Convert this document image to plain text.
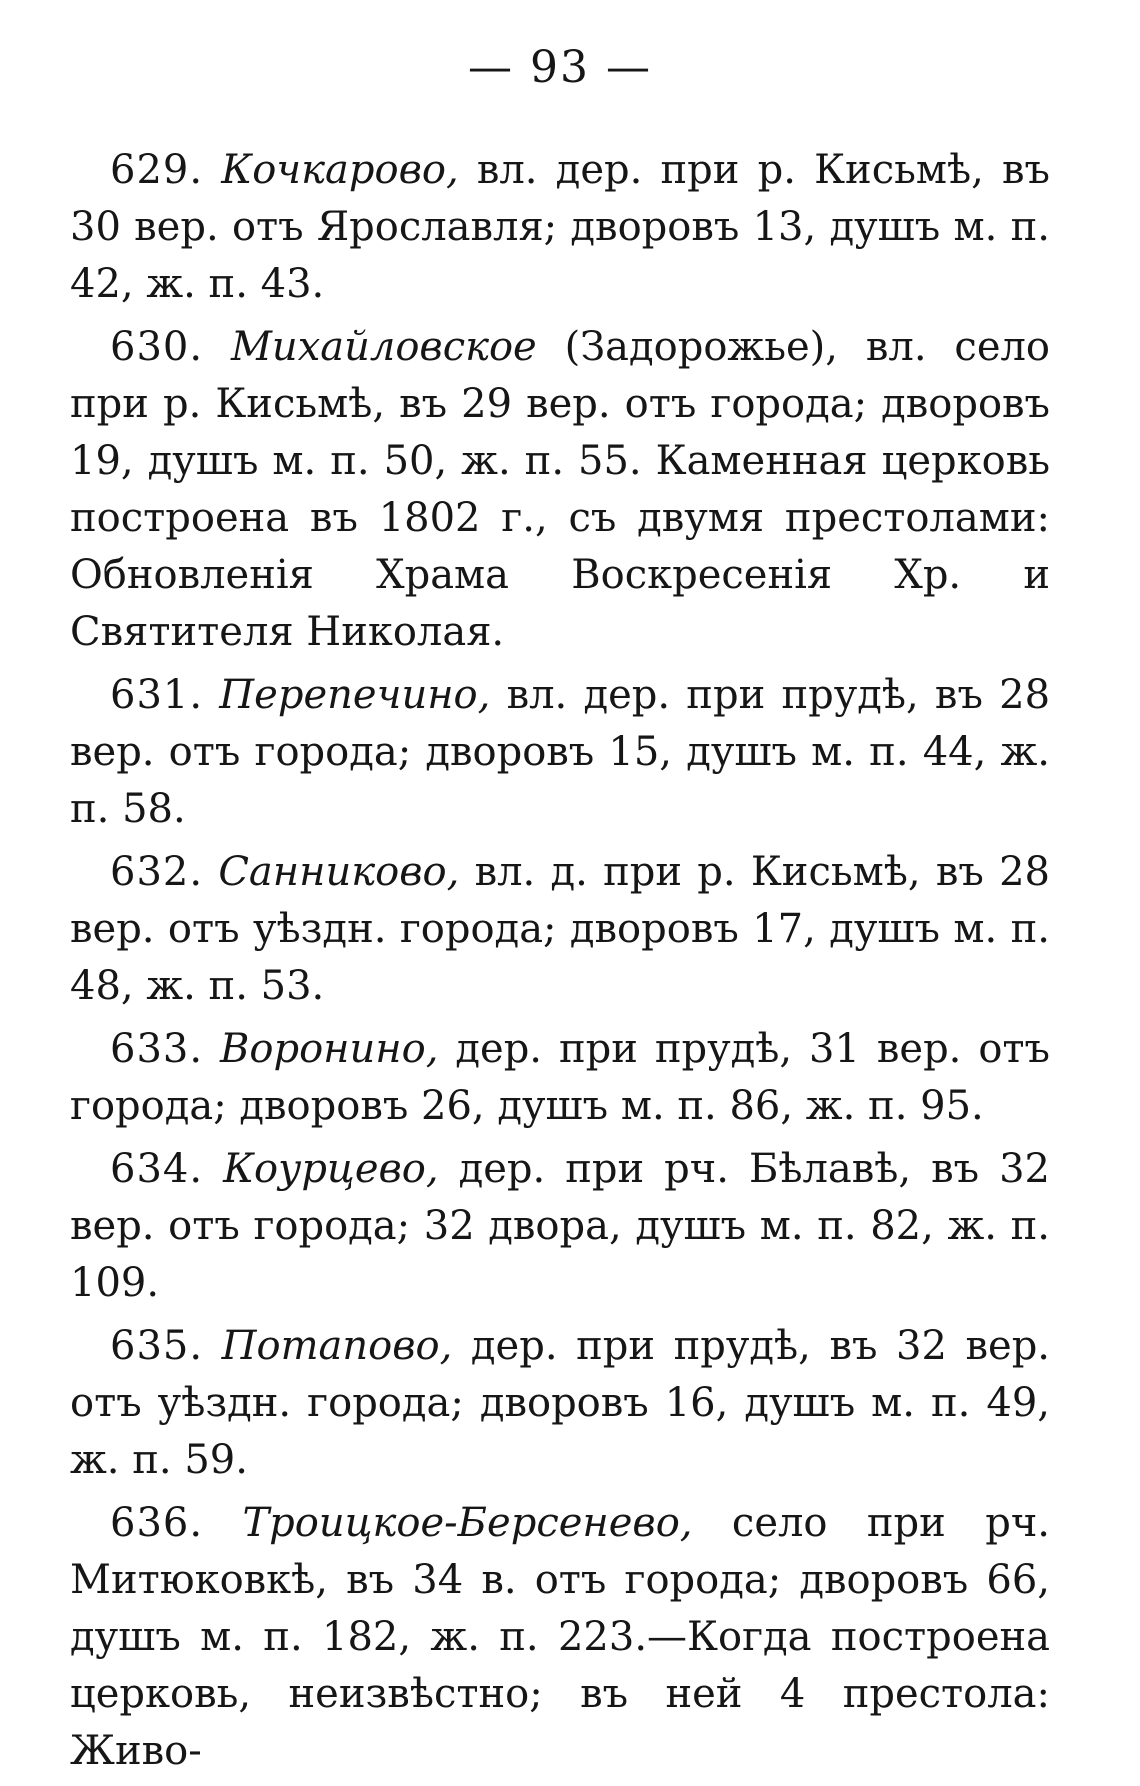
— 93 —

629. Кочкарово, вл. дер. при р. Кисьмѣ, въ 30 вер. отъ Ярославля; дворовъ 13, душъ м. п. 42, ж. п. 43.

630. Михайловское (Задорожье), вл. село при р. Кисьмѣ, въ 29 вер. отъ города; дворовъ 19, душъ м. п. 50, ж. п. 55. Каменная церковь построена въ 1802 г., съ двумя престолами: Обновленія Храма Воскресенія Хр. и Святителя Николая.

631. Перепечино, вл. дер. при прудѣ, въ 28 вер. отъ города; дворовъ 15, душъ м. п. 44, ж. п. 58.

632. Санниково, вл. д. при р. Кисьмѣ, въ 28 вер. отъ уѣздн. города; дворовъ 17, душъ м. п. 48, ж. п. 53.

633. Воронино, дер. при прудѣ, 31 вер. отъ города; дворовъ 26, душъ м. п. 86, ж. п. 95.

634. Коурцево, дер. при рч. Бѣлавѣ, въ 32 вер. отъ города; 32 двора, душъ м. п. 82, ж. п. 109.

635. Потапово, дер. при прудѣ, въ 32 вер. отъ уѣздн. города; дворовъ 16, душъ м. п. 49, ж. п. 59.

636. Троицкое-Берсенево, село при рч. Митюковкѣ, въ 34 в. отъ города; дворовъ 66, душъ м. п. 182, ж. п. 223.—Когда построена церковь, неизвѣстно; въ ней 4 престола: Живо-
